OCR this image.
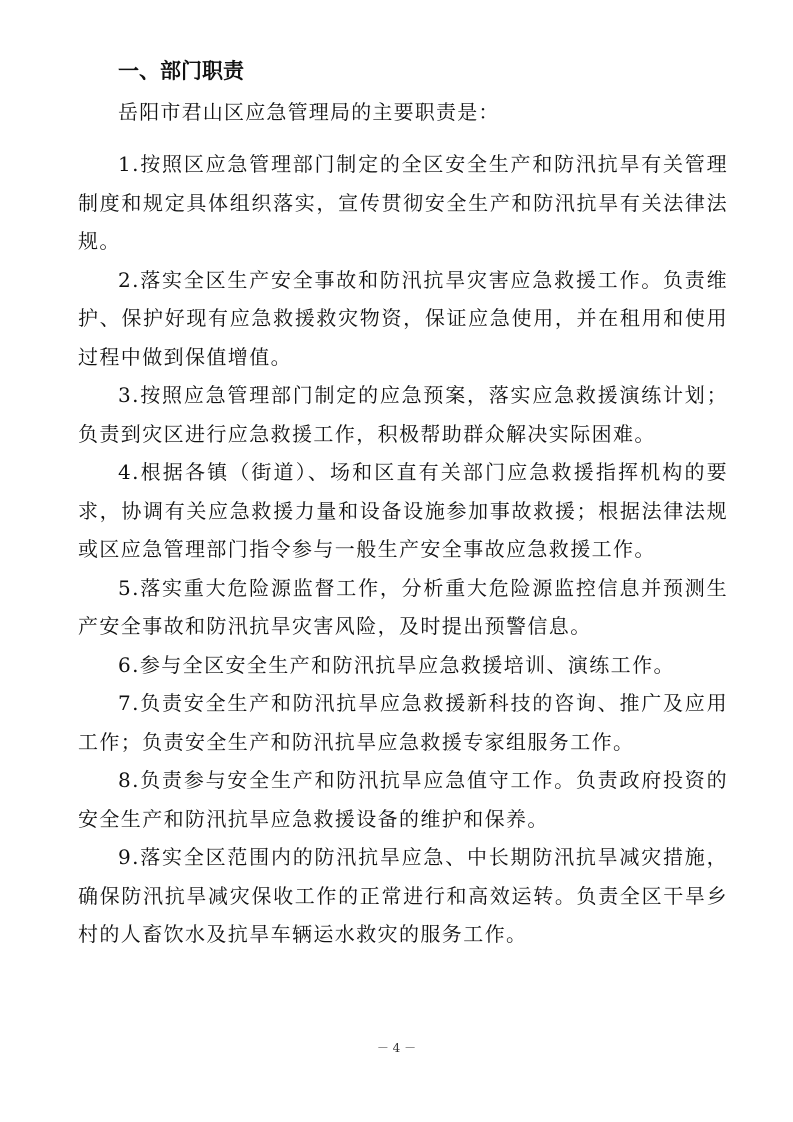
一、部门职责

岳阳市君山区应急管理局的主要职责是：

1.按照区应急管理部门制定的全区安全生产和防汛抗旱有关管理制度和规定具体组织落实，宣传贯彻安全生产和防汛抗旱有关法律法规。

2.落实全区生产安全事故和防汛抗旱灾害应急救援工作。负责维护、保护好现有应急救援救灾物资，保证应急使用，并在租用和使用过程中做到保值增值。

3.按照应急管理部门制定的应急预案，落实应急救援演练计划；负责到灾区进行应急救援工作，积极帮助群众解决实际困难。

4.根据各镇（街道）、场和区直有关部门应急救援指挥机构的要求，协调有关应急救援力量和设备设施参加事故救援；根据法律法规或区应急管理部门指令参与一般生产安全事故应急救援工作。

5.落实重大危险源监督工作，分析重大危险源监控信息并预测生产安全事故和防汛抗旱灾害风险，及时提出预警信息。

6.参与全区安全生产和防汛抗旱应急救援培训、演练工作。

7.负责安全生产和防汛抗旱应急救援新科技的咨询、推广及应用工作；负责安全生产和防汛抗旱应急救援专家组服务工作。

8.负责参与安全生产和防汛抗旱应急值守工作。负责政府投资的安全生产和防汛抗旱应急救援设备的维护和保养。

9.落实全区范围内的防汛抗旱应急、中长期防汛抗旱减灾措施，确保防汛抗旱减灾保收工作的正常进行和高效运转。负责全区干旱乡村的人畜饮水及抗旱车辆运水救灾的服务工作。

－ 4 －
